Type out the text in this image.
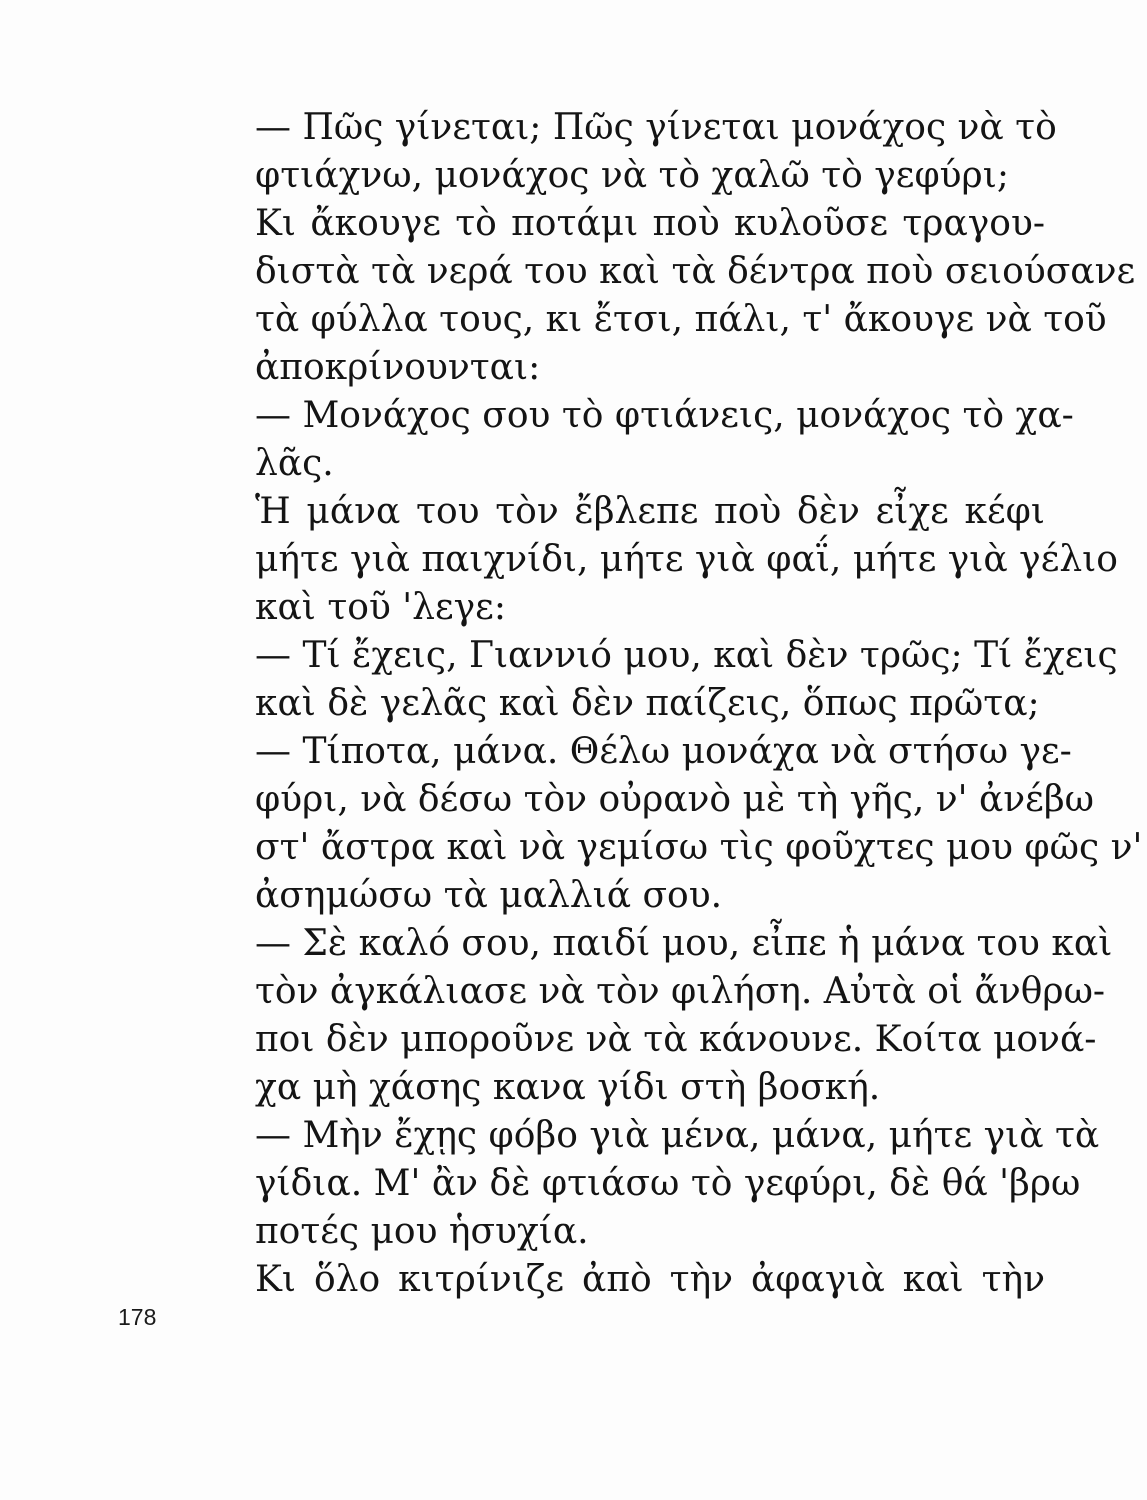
— Πῶς γίνεται; Πῶς γίνεται μονάχος νὰ τὸ
φτιάχνω, μονάχος νὰ τὸ χαλῶ τὸ γεφύρι;
Κι ἄκουγε τὸ ποτάμι ποὺ κυλοῦσε τραγου-
διστὰ τὰ νερά του καὶ τὰ δέντρα ποὺ σειούσανε
τὰ φύλλα τους, κι ἔτσι, πάλι, τ' ἄκουγε νὰ τοῦ
ἀποκρίνουνται:
— Μονάχος σου τὸ φτιάνεις, μονάχος τὸ χα-
λᾶς.
Ἡ μάνα του τὸν ἔβλεπε ποὺ δὲν εἶχε κέφι
μήτε γιὰ παιχνίδι, μήτε γιὰ φαΐ, μήτε γιὰ γέλιο
καὶ τοῦ 'λεγε:
— Τί ἔχεις, Γιαννιό μου, καὶ δὲν τρῶς; Τί ἔχεις
καὶ δὲ γελᾶς καὶ δὲν παίζεις, ὅπως πρῶτα;
— Τίποτα, μάνα. Θέλω μονάχα νὰ στήσω γε-
φύρι, νὰ δέσω τὸν οὐρανὸ μὲ τὴ γῆς, ν' ἀνέβω
στ' ἄστρα καὶ νὰ γεμίσω τὶς φοῦχτες μου φῶς ν'
ἀσημώσω τὰ μαλλιά σου.
— Σὲ καλό σου, παιδί μου, εἶπε ἡ μάνα του καὶ
τὸν ἀγκάλιασε νὰ τὸν φιλήση. Αὐτὰ οἱ ἄνθρω-
ποι δὲν μποροῦνε νὰ τὰ κάνουνε. Κοίτα μονά-
χα μὴ χάσης κανα γίδι στὴ βοσκή.
— Μὴν ἔχῃς φόβο γιὰ μένα, μάνα, μήτε γιὰ τὰ
γίδια. Μ' ἂν δὲ φτιάσω τὸ γεφύρι, δὲ θά 'βρω
ποτές μου ἡσυχία.
Κι ὅλο κιτρίνιζε ἀπὸ τὴν ἀφαγιὰ καὶ τὴν
178
